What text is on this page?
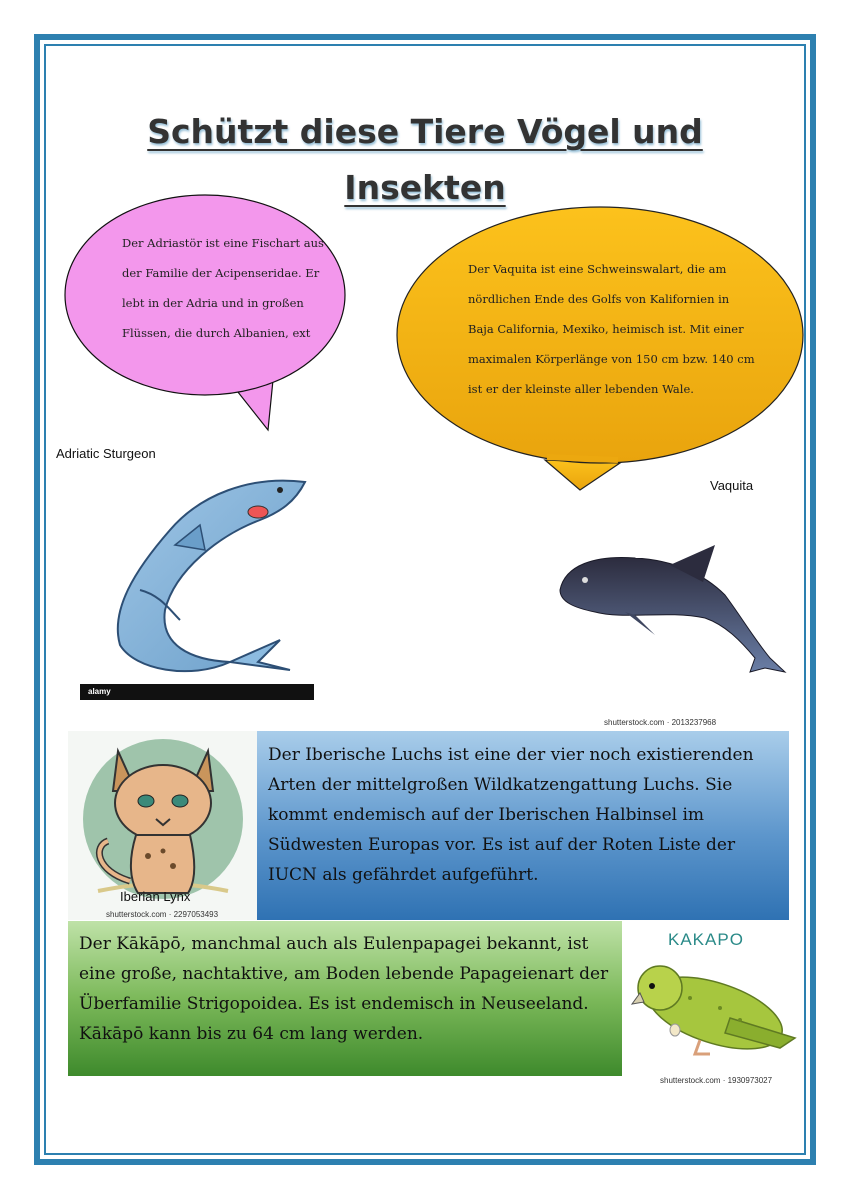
Schützt diese Tiere Vögel und Insekten
Der Adriastör ist eine Fischart aus der Familie der Acipenseridae. Er lebt in der Adria und in großen Flüssen, die durch Albanien, ext
Der Vaquita ist eine Schweinswalart, die am nördlichen Ende des Golfs von Kalifornien in Baja California, Mexiko, heimisch ist. Mit einer maximalen Körperlänge von 150 cm bzw. 140 cm ist er der kleinste aller lebenden Wale.
Adriatic Sturgeon
Vaquita
alamy
shutterstock.com · 2013237968
Iberian Lynx
shutterstock.com · 2297053493
Der Iberische Luchs ist eine der vier noch existierenden Arten der mittelgroßen Wildkatzengattung Luchs. Sie kommt endemisch auf der Iberischen Halbinsel im Südwesten Europas vor. Es ist auf der Roten Liste der IUCN als gefährdet aufgeführt.
Der Kākāpō, manchmal auch als Eulenpapagei bekannt, ist eine große, nachtaktive, am Boden lebende Papageienart der Überfamilie Strigopoidea. Es ist endemisch in Neuseeland. Kākāpō kann bis zu 64 cm lang werden.
KAKAPO
shutterstock.com · 1930973027
